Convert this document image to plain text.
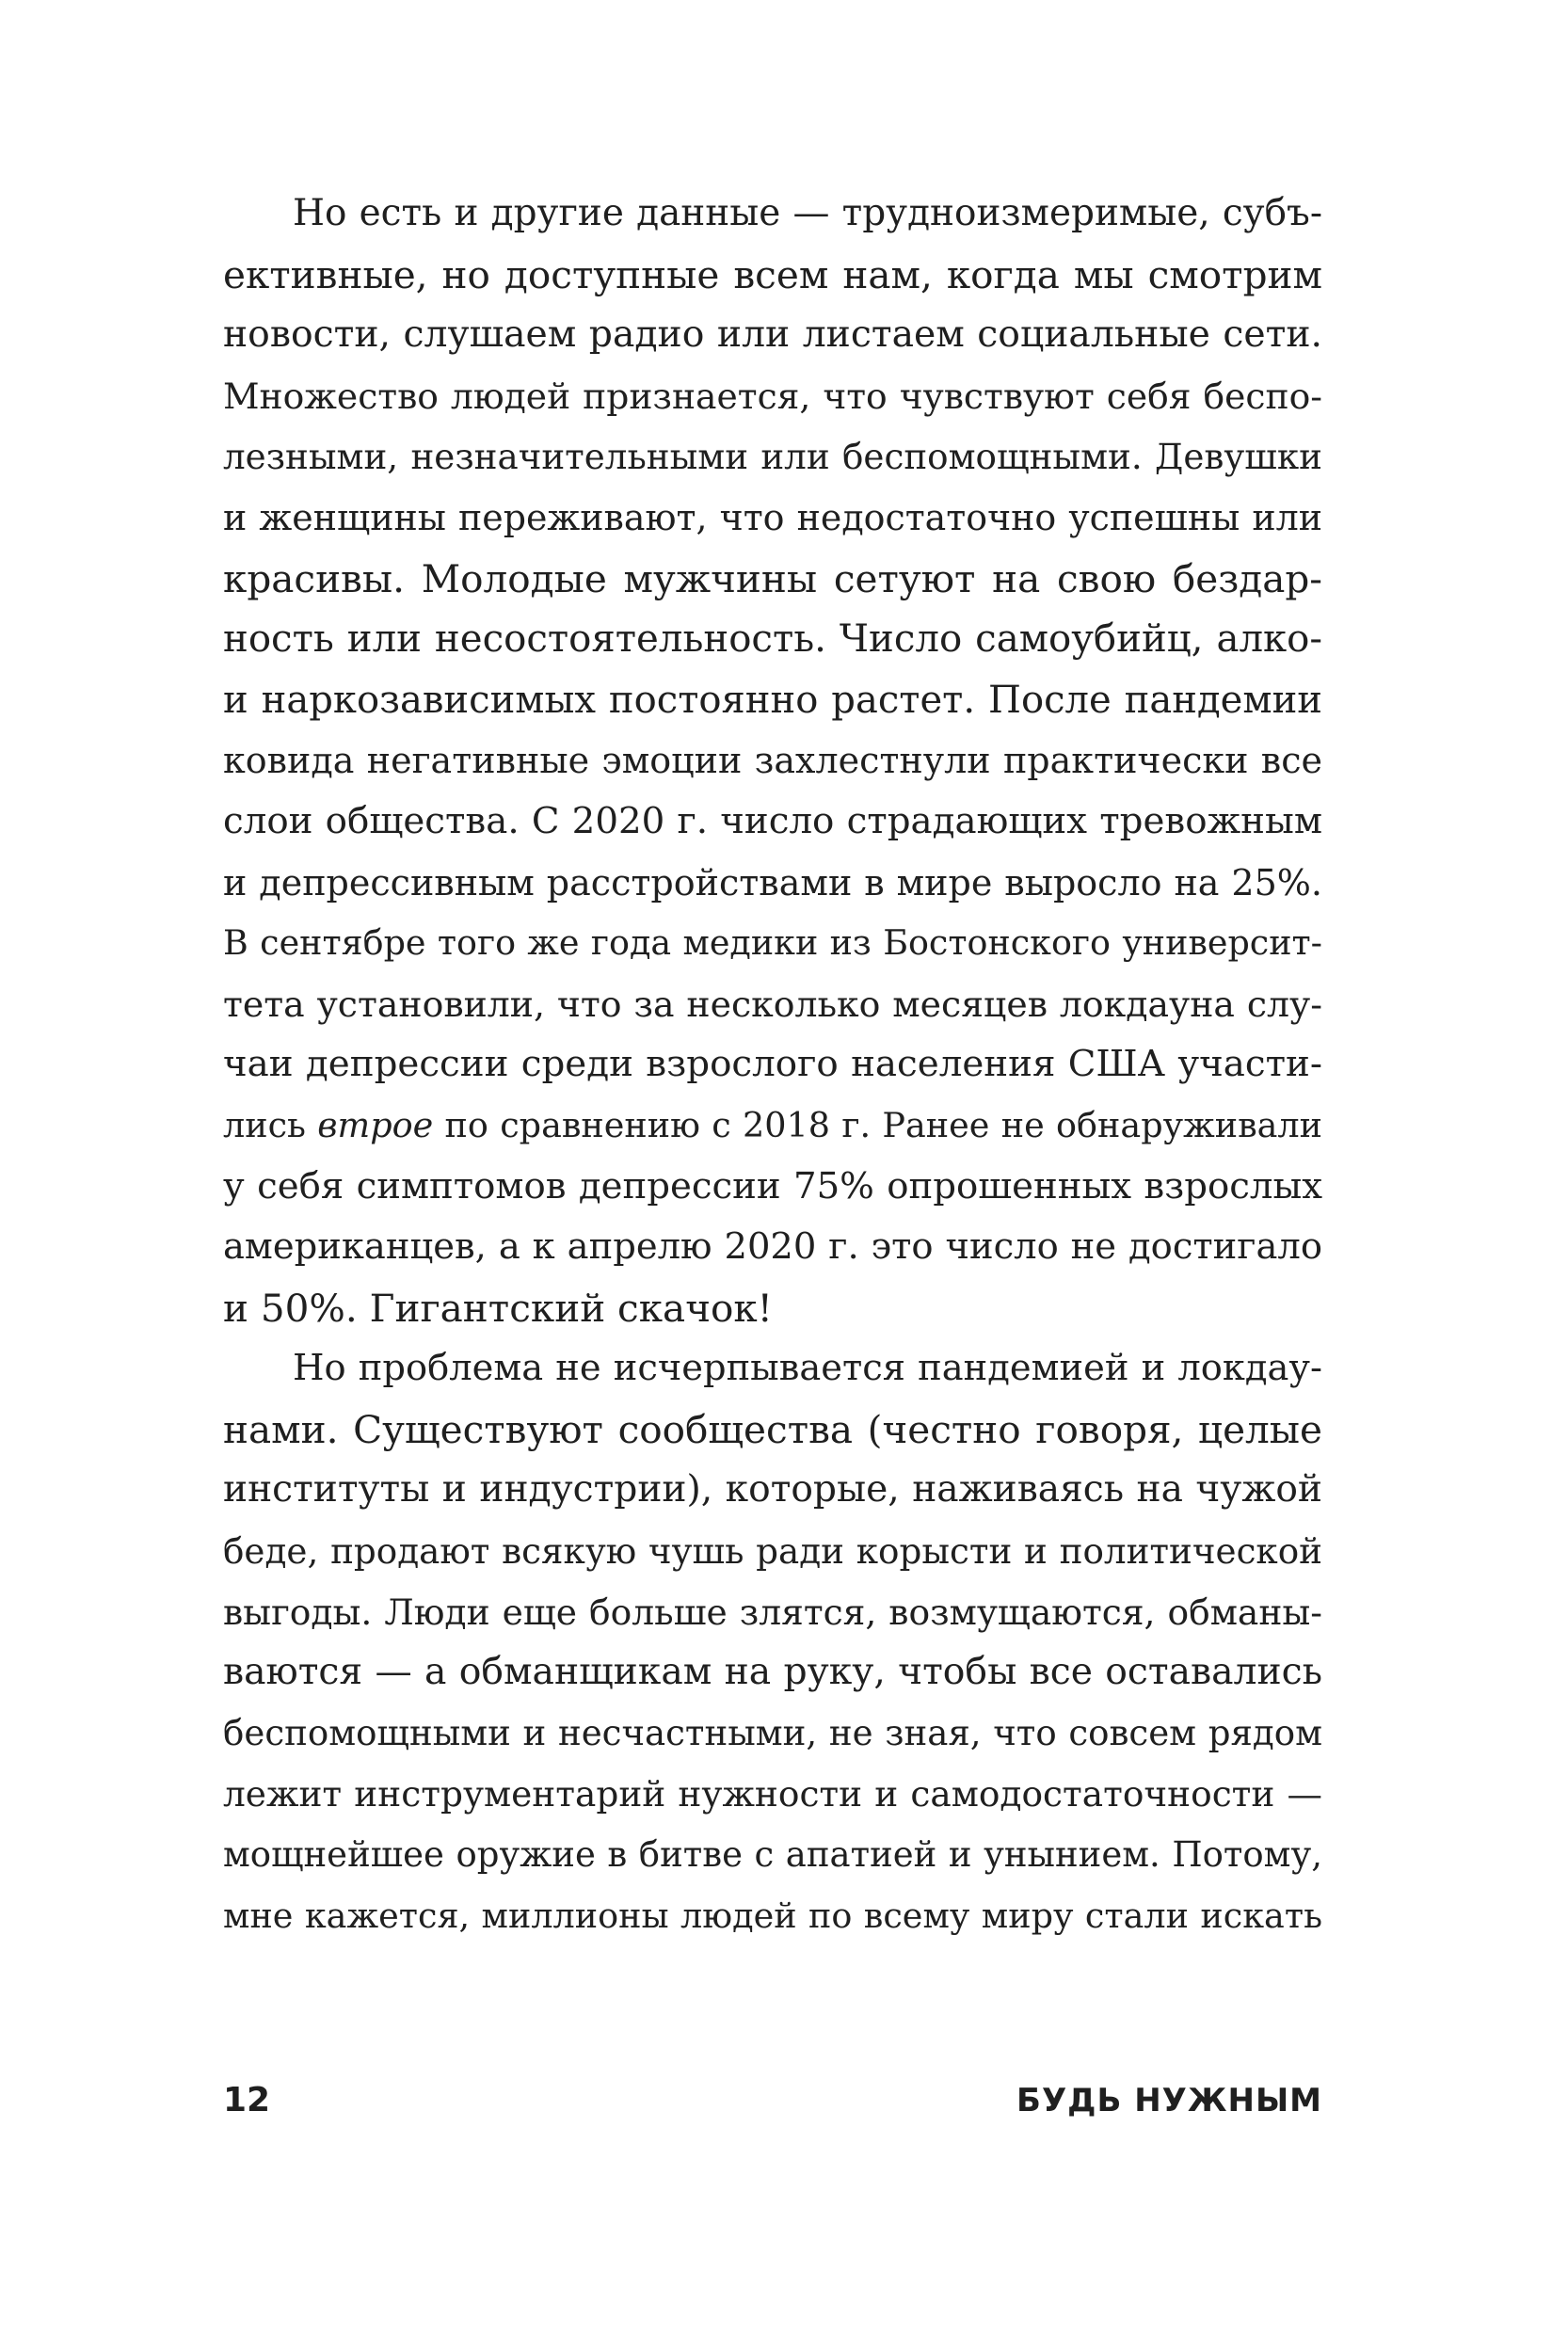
Но есть и другие данные — трудноизмеримые, субъ-
ективные, но доступные всем нам, когда мы смотрим
новости, слушаем радио или листаем социальные сети.
Множество людей признается, что чувствуют себя беспо-
лезными, незначительными или беспомощными. Девушки
и женщины переживают, что недостаточно успешны или
красивы. Молодые мужчины сетуют на свою бездар-
ность или несостоятельность. Число самоубийц, алко-
и наркозависимых постоянно растет. После пандемии
ковида негативные эмоции захлестнули практически все
слои общества. С 2020 г. число страдающих тревожным
и депрессивным расстройствами в мире выросло на 25%.
В сентябре того же года медики из Бостонского университ-
тета установили, что за несколько месяцев локдауна слу-
чаи депрессии среди взрослого населения США участи-
лись втрое по сравнению с 2018 г. Ранее не обнаруживали
у себя симптомов депрессии 75% опрошенных взрослых
американцев, а к апрелю 2020 г. это число не достигало
и 50%. Гигантский скачок!
Но проблема не исчерпывается пандемией и локдау-
нами. Существуют сообщества (честно говоря, целые
институты и индустрии), которые, наживаясь на чужой
беде, продают всякую чушь ради корысти и политической
выгоды. Люди еще больше злятся, возмущаются, обманы-
ваются — а обманщикам на руку, чтобы все оставались
беспомощными и несчастными, не зная, что совсем рядом
лежит инструментарий нужности и самодостаточности —
мощнейшее оружие в битве с апатией и унынием. Потому,
мне кажется, миллионы людей по всему миру стали искать
12	БУДЬ НУЖНЫМ
